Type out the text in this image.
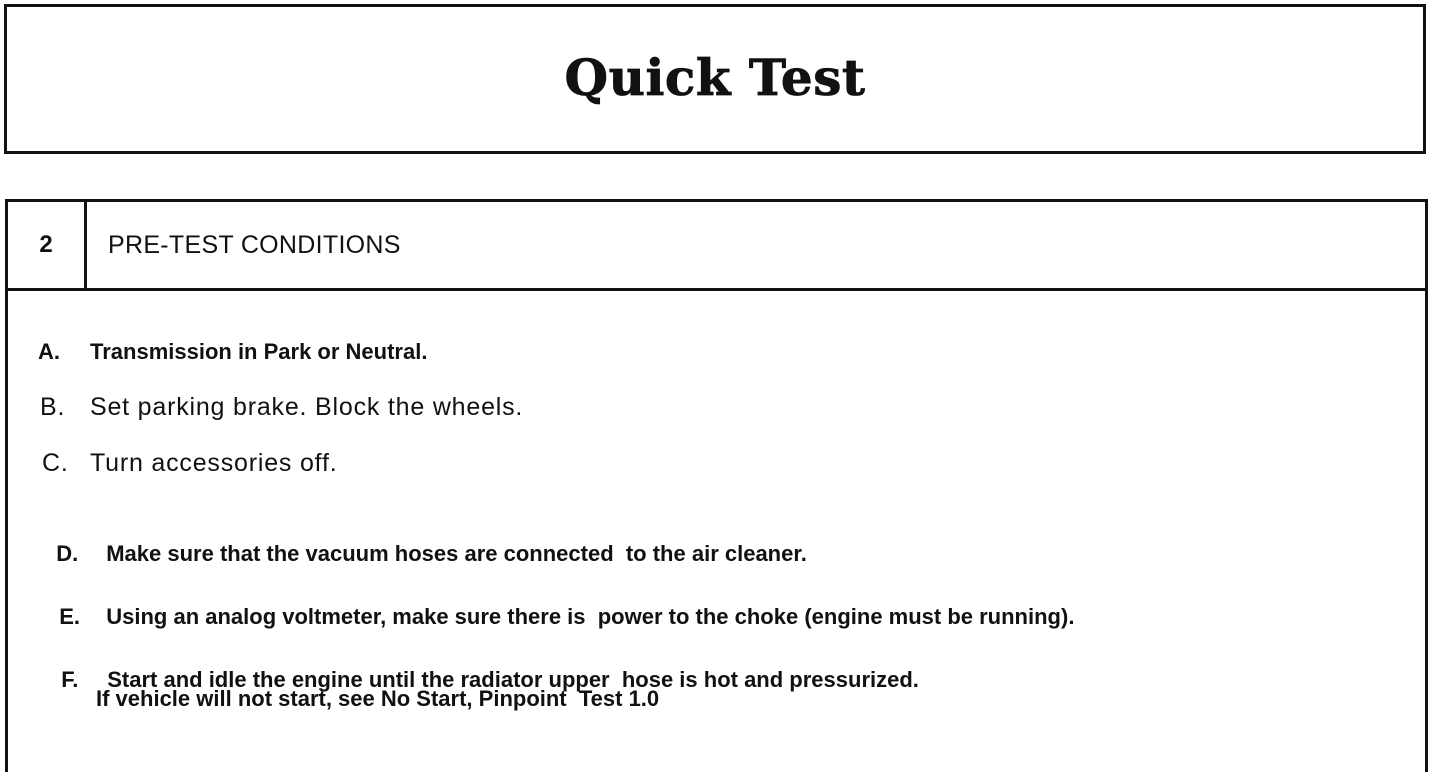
Quick Test
2	PRE-TEST CONDITIONS
A. Transmission in Park or Neutral.
B. Set parking brake. Block the wheels.
C. Turn accessories off.

D. Make sure that the vacuum hoses are connected  to the air cleaner.

E. Using an analog voltmeter, make sure there is  power to the choke (engine must be running).

F. Start and idle the engine until the radiator upper  hose is hot and pressurized.

If vehicle will not start, see No Start, Pinpoint  Test 1.0
